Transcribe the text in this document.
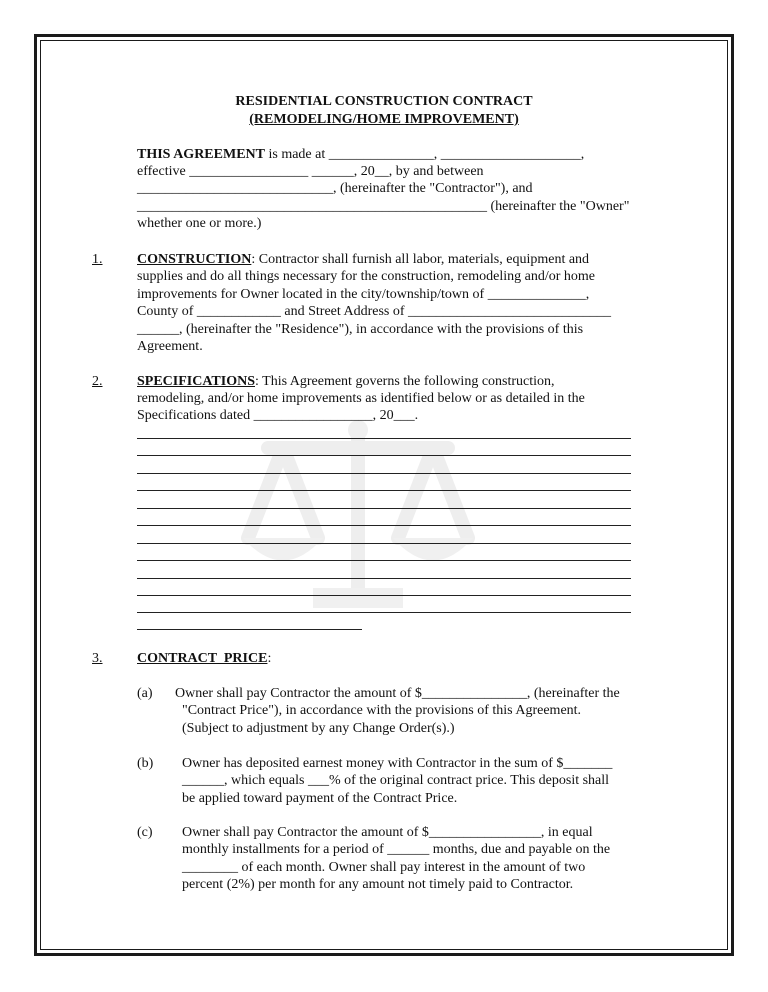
RESIDENTIAL CONSTRUCTION CONTRACT
(REMODELING/HOME IMPROVEMENT)
THIS AGREEMENT is made at _______________, ____________________,
effective _________________ ______, 20__, by and between
____________________________, (hereinafter the "Contractor"), and
__________________________________________________ (hereinafter the "Owner"
whether one or more.)
1. CONSTRUCTION: Contractor shall furnish all labor, materials, equipment and
supplies and do all things necessary for the construction, remodeling and/or home
improvements for Owner located in the city/township/town of ______________,
County of ____________ and Street Address of _____________________________
______, (hereinafter the "Residence"), in accordance with the provisions of this
Agreement.
2. SPECIFICATIONS: This Agreement governs the following construction,
remodeling, and/or home improvements as identified below or as detailed in the
Specifications dated _________________, 20___.
3. CONTRACT  PRICE:
(a) Owner shall pay Contractor the amount of $_______________, (hereinafter the
"Contract Price"), in accordance with the provisions of this Agreement.
(Subject to adjustment by any Change Order(s).)
(b) Owner has deposited earnest money with Contractor in the sum of $_______
______, which equals ___% of the original contract price. This deposit shall
be applied toward payment of the Contract Price.
(c) Owner shall pay Contractor the amount of $________________, in equal
monthly installments for a period of ______ months, due and payable on the
________ of each month. Owner shall pay interest in the amount of two
percent (2%) per month for any amount not timely paid to Contractor.
